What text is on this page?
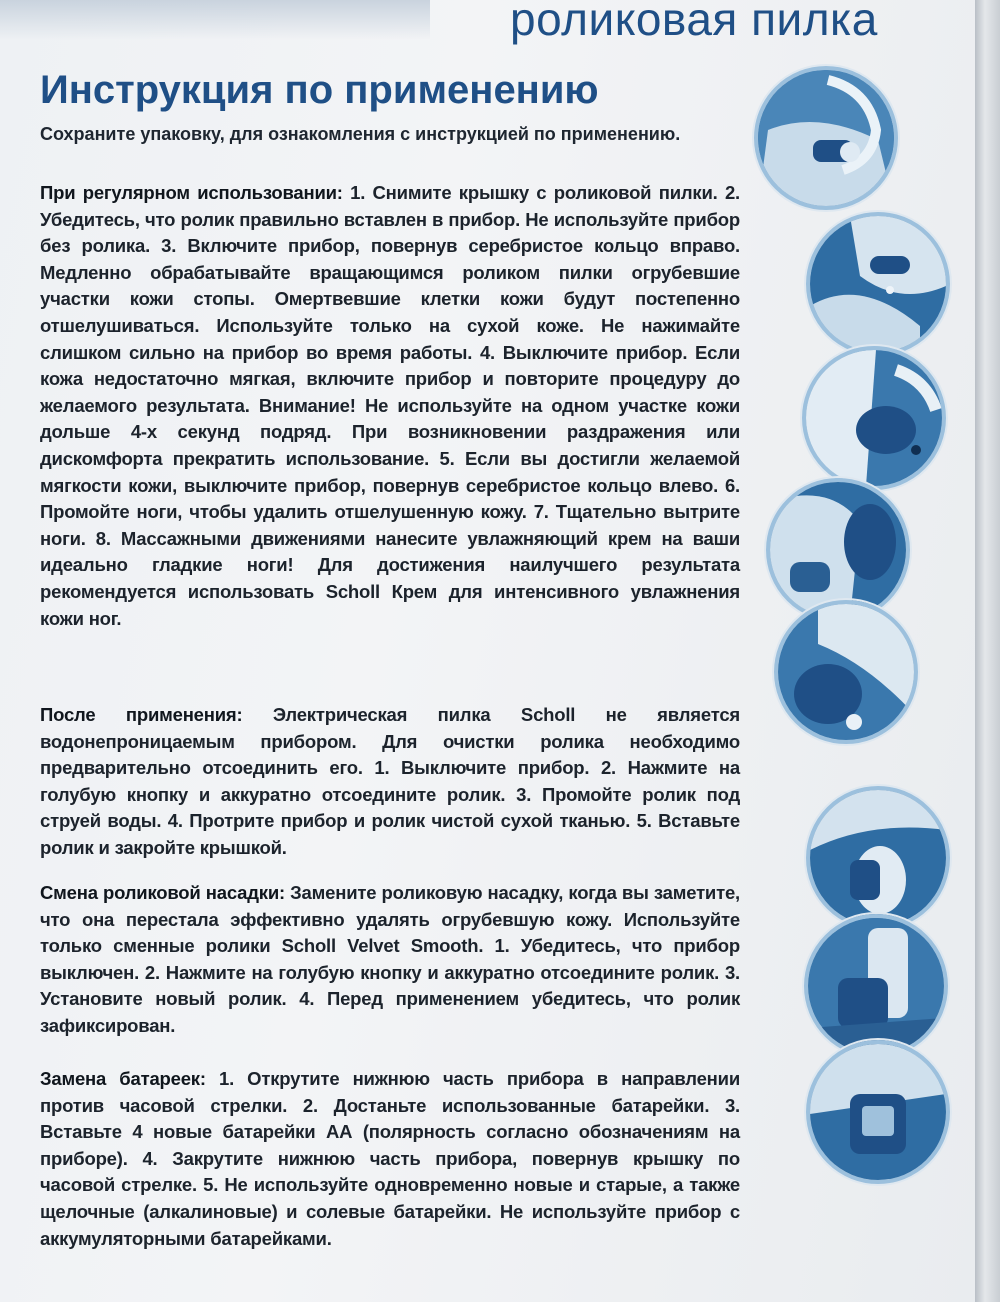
роликовая пилка
Инструкция по применению
Сохраните упаковку, для ознакомления с инструкцией по применению.
При регулярном использовании: 1. Снимите крышку с роликовой пилки. 2. Убедитесь, что ролик правильно вставлен в прибор. Не используйте прибор без ролика. 3. Включите прибор, повернув серебристое кольцо вправо. Медленно обрабатывайте вращающимся роликом пилки огрубевшие участки кожи стопы. Омертвевшие клетки кожи будут постепенно отшелушиваться. Используйте только на сухой коже. Не нажимайте слишком сильно на прибор во время работы. 4. Выключите прибор. Если кожа недостаточно мягкая, включите прибор и повторите процедуру до желаемого результата. Внимание! Не используйте на одном участке кожи дольше 4-х секунд подряд. При возникновении раздражения или дискомфорта прекратить использование. 5. Если вы достигли желаемой мягкости кожи, выключите прибор, повернув серебристое кольцо влево. 6. Промойте ноги, чтобы удалить отшелушенную кожу. 7. Тщательно вытрите ноги. 8. Массажными движениями нанесите увлажняющий крем на ваши идеально гладкие ноги! Для достижения наилучшего результата рекомендуется использовать Scholl Крем для интенсивного увлажнения кожи ног.
После применения: Электрическая пилка Scholl не является водонепроницаемым прибором. Для очистки ролика необходимо предварительно отсоединить его. 1. Выключите прибор. 2. Нажмите на голубую кнопку и аккуратно отсоедините ролик. 3. Промойте ролик под струей воды. 4. Протрите прибор и ролик чистой сухой тканью. 5. Вставьте ролик и закройте крышкой.
Смена роликовой насадки: Замените роликовую насадку, когда вы заметите, что она перестала эффективно удалять огрубевшую кожу. Используйте только сменные ролики Scholl Velvet Smooth. 1. Убедитесь, что прибор выключен. 2. Нажмите на голубую кнопку и аккуратно отсоедините ролик. 3. Установите новый ролик. 4. Перед применением убедитесь, что ролик зафиксирован.
Замена батареек: 1. Открутите нижнюю часть прибора в направлении против часовой стрелки. 2. Достаньте использованные батарейки. 3. Вставьте 4 новые батарейки АА (полярность согласно обозначениям на приборе). 4. Закрутите нижнюю часть прибора, повернув крышку по часовой стрелке. 5. Не используйте одновременно новые и старые, а также щелочные (алкалиновые) и солевые батарейки. Не используйте прибор с аккумуляторными батарейками.
